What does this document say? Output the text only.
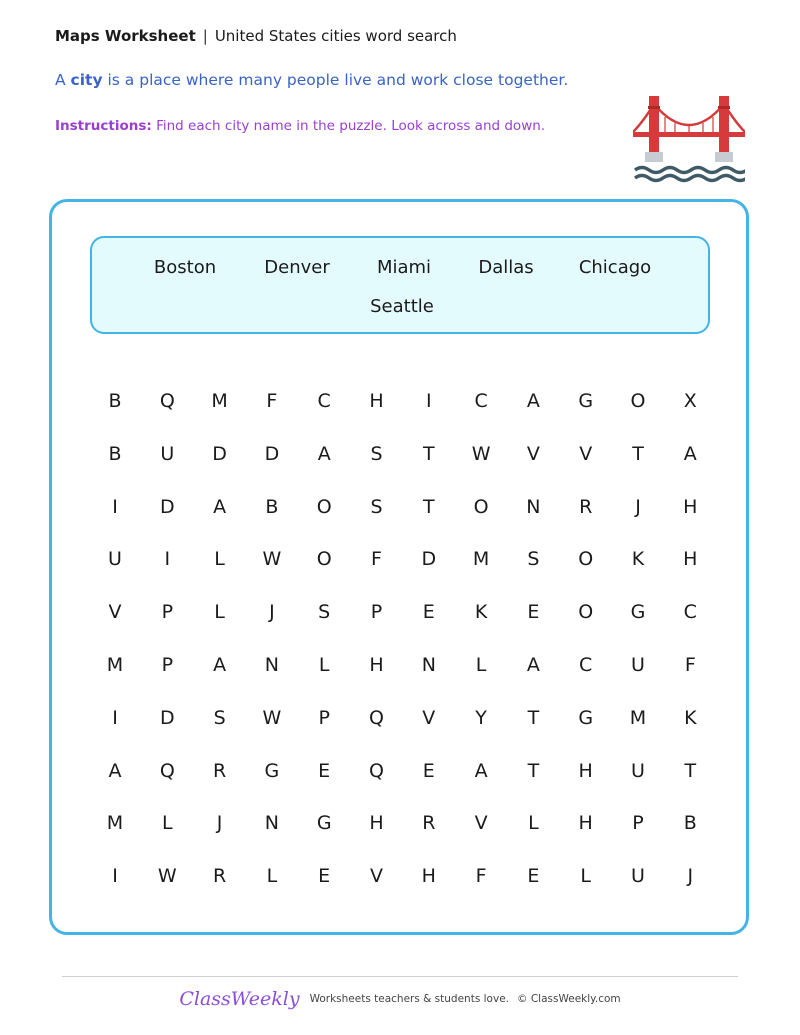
Maps Worksheet | United States cities word search
A city is a place where many people live and work close together.
Instructions: Find each city name in the puzzle. Look across and down.
Boston	Denver	Miami	Dallas	Chicago
Seattle
B	Q	M	F	C	H	I	C	A	G	O	X
B	U	D	D	A	S	T	W	V	V	T	A
I	D	A	B	O	S	T	O	N	R	J	H
U	I	L	W	O	F	D	M	S	O	K	H
V	P	L	J	S	P	E	K	E	O	G	C
M	P	A	N	L	H	N	L	A	C	U	F
I	D	S	W	P	Q	V	Y	T	G	M	K
A	Q	R	G	E	Q	E	A	T	H	U	T
M	L	J	N	G	H	R	V	L	H	P	B
I	W	R	L	E	V	H	F	E	L	U	J
ClassWeekly Worksheets teachers & students love. © ClassWeekly.com
